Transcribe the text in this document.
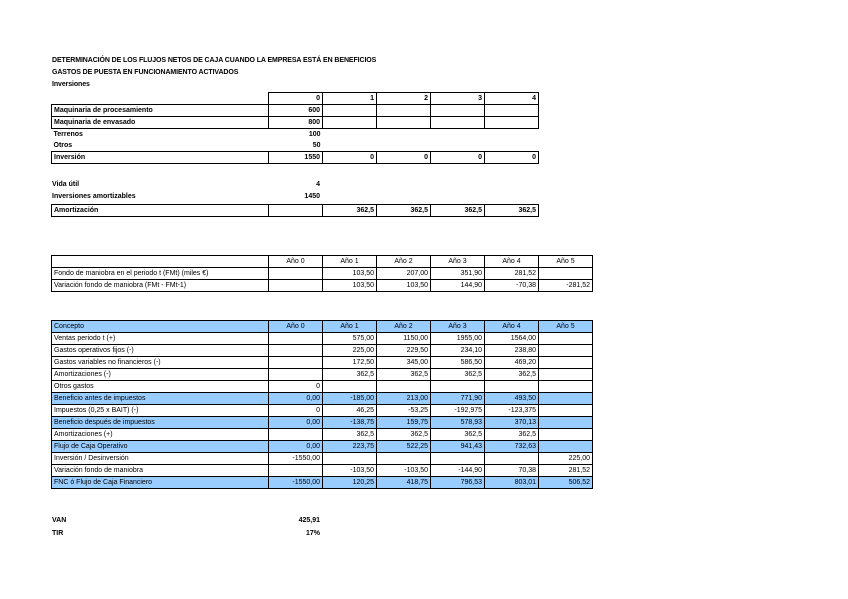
DETERMINACIÓN DE LOS FLUJOS NETOS DE CAJA CUANDO LA EMPRESA ESTÁ EN BENEFICIOS
GASTOS DE PUESTA EN FUNCIONAMIENTO ACTIVADOS
Inversiones
	0	1	2	3	4
Maquinaria de procesamiento	600				
Maquinaria de envasado	800				
Terrenos	100				
Otros	50				
Inversión	1550	0	0	0	0
Vida útil	4
Inversiones amortizables	1450
Amortización		362,5	362,5	362,5	362,5
	Año 0	Año 1	Año 2	Año 3	Año 4	Año 5
Fondo de maniobra en el periodo t (FMt) (miles €)		103,50	207,00	351,90	281,52	
Variación fondo de maniobra (FMt - FMt-1)		103,50	103,50	144,90	-70,38	-281,52
Concepto	Año 0	Año 1	Año 2	Año 3	Año 4	Año 5
Ventas periodo t (+)		575,00	1150,00	1955,00	1564,00	
Gastos operativos fijos (-)		225,00	229,50	234,10	238,80	
Gastos variables no financieros (-)		172,50	345,00	586,50	469,20	
Amortizaciones (-)		362,5	362,5	362,5	362,5	
Otros gastos	0					
Beneficio antes de impuestos	0,00	-185,00	213,00	771,90	493,50	
Impuestos (0,25 x BAIT) (-)	0	46,25	-53,25	-192,975	-123,375	
Beneficio después de impuestos	0,00	-138,75	159,75	578,93	370,13	
Amortizaciones (+)		362,5	362,5	362,5	362,5	
Flujo de Caja Operativo	0,00	223,75	522,25	941,43	732,63	
Inversión / Desinversión	-1550,00					225,00
Variación fondo de maniobra		-103,50	-103,50	-144,90	70,38	281,52
FNC ó Flujo de Caja Financiero	-1550,00	120,25	418,75	796,53	803,01	506,52
VAN	425,91
TIR	17%
